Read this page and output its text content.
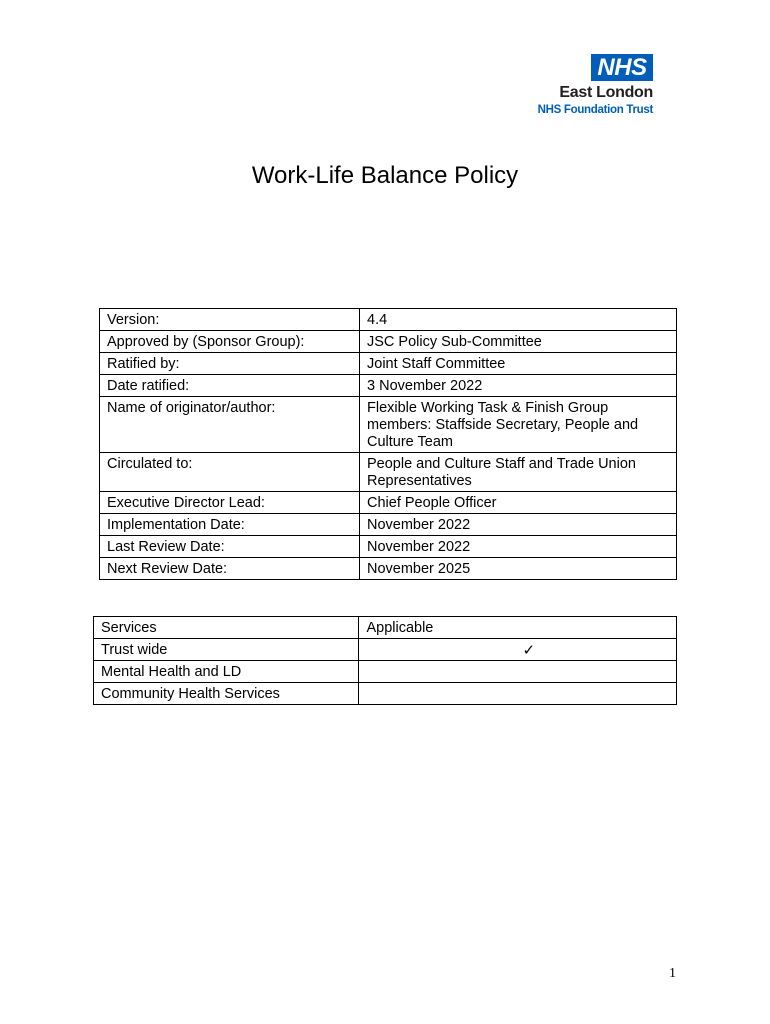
NHS
East London
NHS Foundation Trust
Work-Life Balance Policy
Version:	4.4
Approved by (Sponsor Group):	JSC Policy Sub-Committee
Ratified by:	Joint Staff Committee
Date ratified:	3 November 2022
Name of originator/author:	Flexible Working Task & Finish Group members: Staffside Secretary, People and Culture Team
Circulated to:	People and Culture Staff and Trade Union Representatives
Executive Director Lead:	Chief People Officer
Implementation Date:	November 2022
Last Review Date:	November 2022
Next Review Date:	November 2025
Services	Applicable
Trust wide	✓

Mental Health and LD	
Community Health Services	
1
